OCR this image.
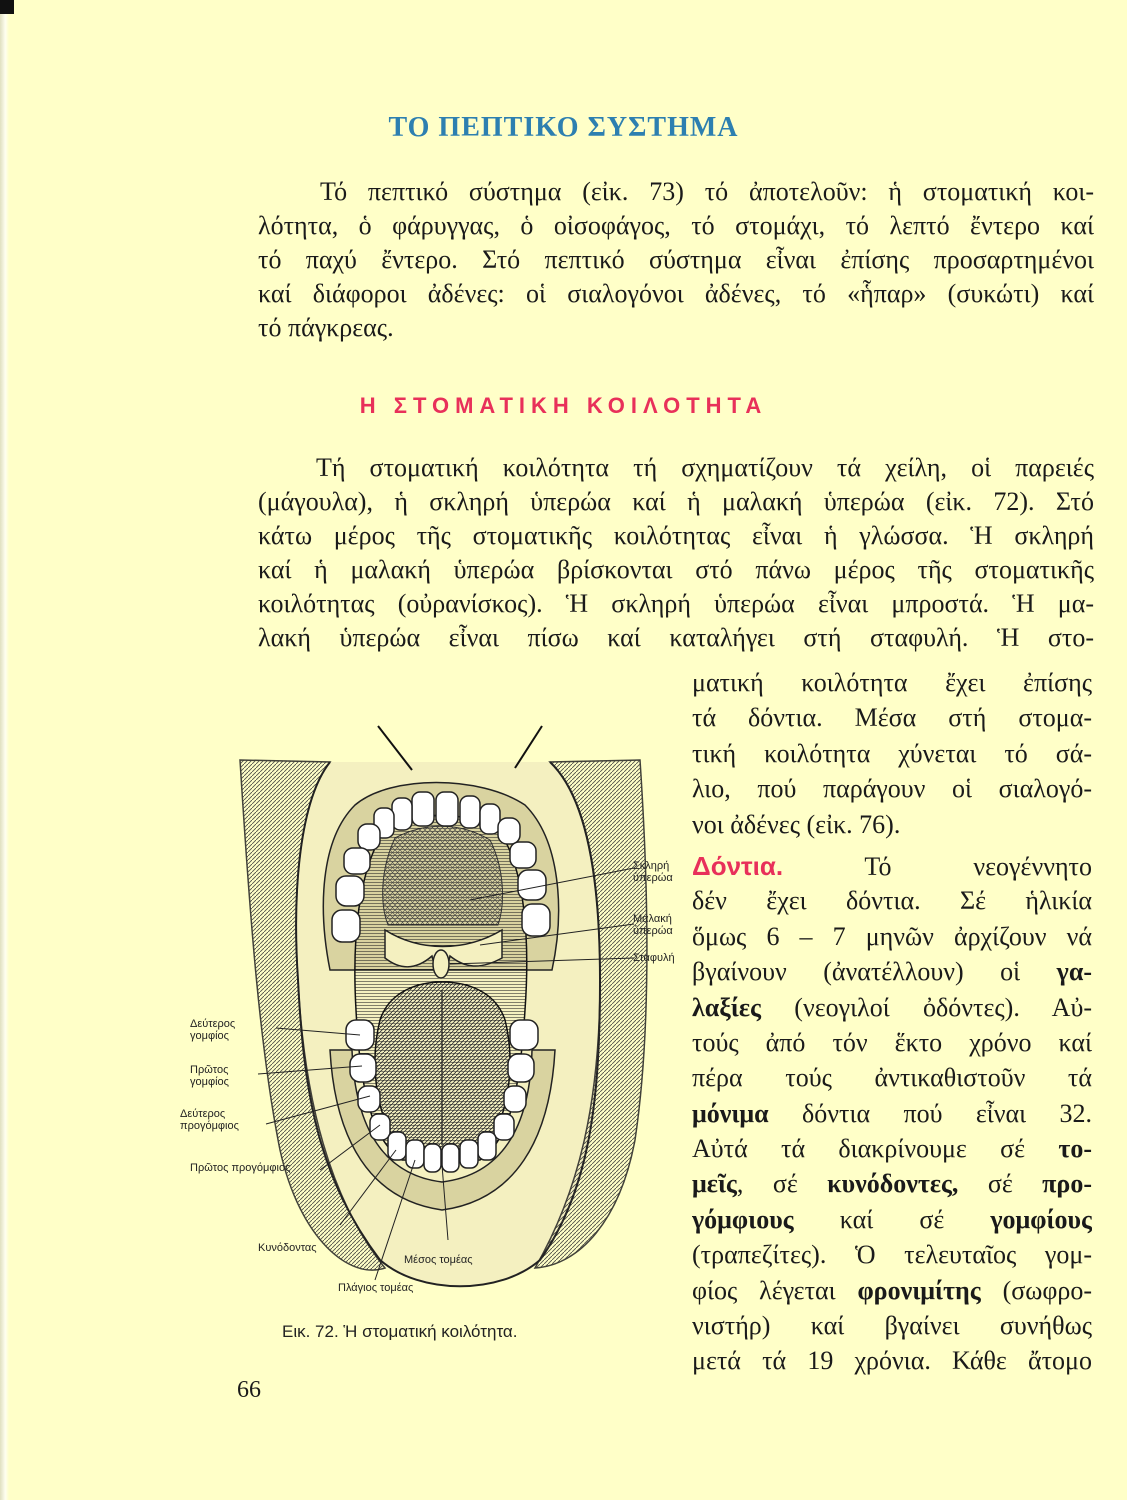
ΤΟ ΠΕΠΤΙΚΟ ΣΥΣΤΗΜΑ
Τό πεπτικό σύστημα (εἰκ. 73) τό ἀποτελοῦν: ἡ στοματική κοι-
λότητα, ὁ φάρυγγας, ὁ οἰσοφάγος, τό στομάχι, τό λεπτό ἔντερο καί
τό παχύ ἔντερο. Στό πεπτικό σύστημα εἶναι ἐπίσης προσαρτημένοι
καί διάφοροι ἀδένες: οἱ σιαλογόνοι ἀδένες, τό «ἧπαρ» (συκώτι) καί
τό πάγκρεας.
Η ΣΤΟΜΑΤΙΚΗ ΚΟΙΛΟΤΗΤΑ
Τή στοματική κοιλότητα τή σχηματίζουν τά χείλη, οἱ παρειές
(μάγουλα), ἡ σκληρή ὑπερώα καί ἡ μαλακή ὑπερώα (εἰκ. 72). Στό
κάτω μέρος τῆς στοματικῆς κοιλότητας εἶναι ἡ γλώσσα. Ἡ σκληρή
καί ἡ μαλακή ὑπερώα βρίσκονται στό πάνω μέρος τῆς στοματικῆς
κοιλότητας (οὐρανίσκος). Ἡ σκληρή ὑπερώα εἶναι μπροστά. Ἡ μα-
λακή ὑπερώα εἶναι πίσω καί καταλήγει στή σταφυλή. Ἡ στο-
ματική κοιλότητα ἔχει ἐπίσης
τά δόντια. Μέσα στή στομα-
τική κοιλότητα χύνεται τό σά-
λιο, πού παράγουν οἱ σιαλογό-
νοι ἀδένες (εἰκ. 76).
Δόντια. Τό νεογέννητο
δέν ἔχει δόντια. Σέ ἡλικία
ὅμως 6 – 7 μηνῶν ἀρχίζουν νά
βγαίνουν (ἀνατέλλουν) οἱ γα-
λαξίες (νεογιλοί ὀδόντες). Αὐ-
τούς ἀπό τόν ἕκτο χρόνο καί
πέρα τούς ἀντικαθιστοῦν τά
μόνιμα δόντια πού εἶναι 32.
Αὐτά τά διακρίνουμε σέ το-
μεῖς, σέ κυνόδοντες, σέ προ-
γόμφιους καί σέ γομφίους
(τραπεζίτες). Ὁ τελευταῖος γομ-
φίος λέγεται φρονιμίτης (σωφρο-
νιστήρ) καί βγαίνει συνήθως
μετά τά 19 χρόνια. Κάθε ἄτομο
Σκληρή
ὑπερώα
Μαλακή
ὑπερώα
Σταφυλή
Δεύτερος
γομφίος
Πρῶτος
γομφίος
Δεύτερος
προγόμφιος
Πρῶτος προγόμφιος
Κυνόδοντας
Μέσος τομέας
Πλάγιος τομέας
Εικ. 72. Ἡ στοματική κοιλότητα.
66
